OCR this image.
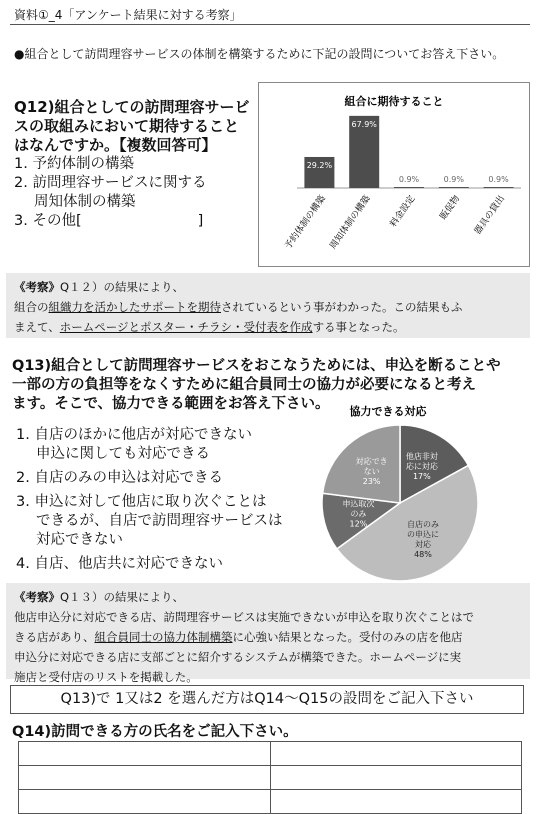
資料①_4「アンケート結果に対する考察」
●組合として訪問理容サービスの体制を構築するために下記の設問についてお答え下さい。
Q12)組合としての訪問理容サービ
スの取組みにおいて期待すること
はなんですか。【複数回答可】
1. 予約体制の構築
2. 訪問理容サービスに関する
周知体制の構築
3. その他[　　　　　　　　]
組合に期待すること
29.2%
予約体制の構築
67.9%
周知体制の構築
0.9%
料金設定
0.9%
販促物
0.9%
器具の貸出
《考察》Q１２）の結果により、
組合の組織力を活かしたサポートを期待されているという事がわかった。この結果もふ
まえて、ホームページとポスター・チラシ・受付表を作成する事となった。
Q13)組合として訪問理容サービスをおこなうためには、申込を断ることや
一部の方の負担等をなくすために組合員同士の協力が必要になると考え
ます。そこで、協力できる範囲をお答え下さい。
1. 自店のほかに他店が対応できない
申込に関しても対応できる
2. 自店のみの申込は対応できる
3. 申込に対して他店に取り次ぐことは
できるが、自店で訪問理容サービスは
対応できない
4. 自店、他店共に対応できない
協力できる対応
他店非対
応に対応
17%
自店のみ
の申込に
対応
48%
申込取次
のみ
12%
対応でき
ない
23%
《考察》Q１３）の結果により、
他店申込分に対応できる店、訪問理容サービスは実施できないが申込を取り次ぐことはで
きる店があり、組合員同士の協力体制構築に心強い結果となった。受付のみの店を他店
申込分に対応できる店に支部ごとに紹介するシステムが構築できた。ホームページに実
施店と受付店のリストを掲載した。
Q13)で 1又は2 を選んだ方はQ14～Q15の設問をご記入下さい
Q14)訪問できる方の氏名をご記入下さい。
